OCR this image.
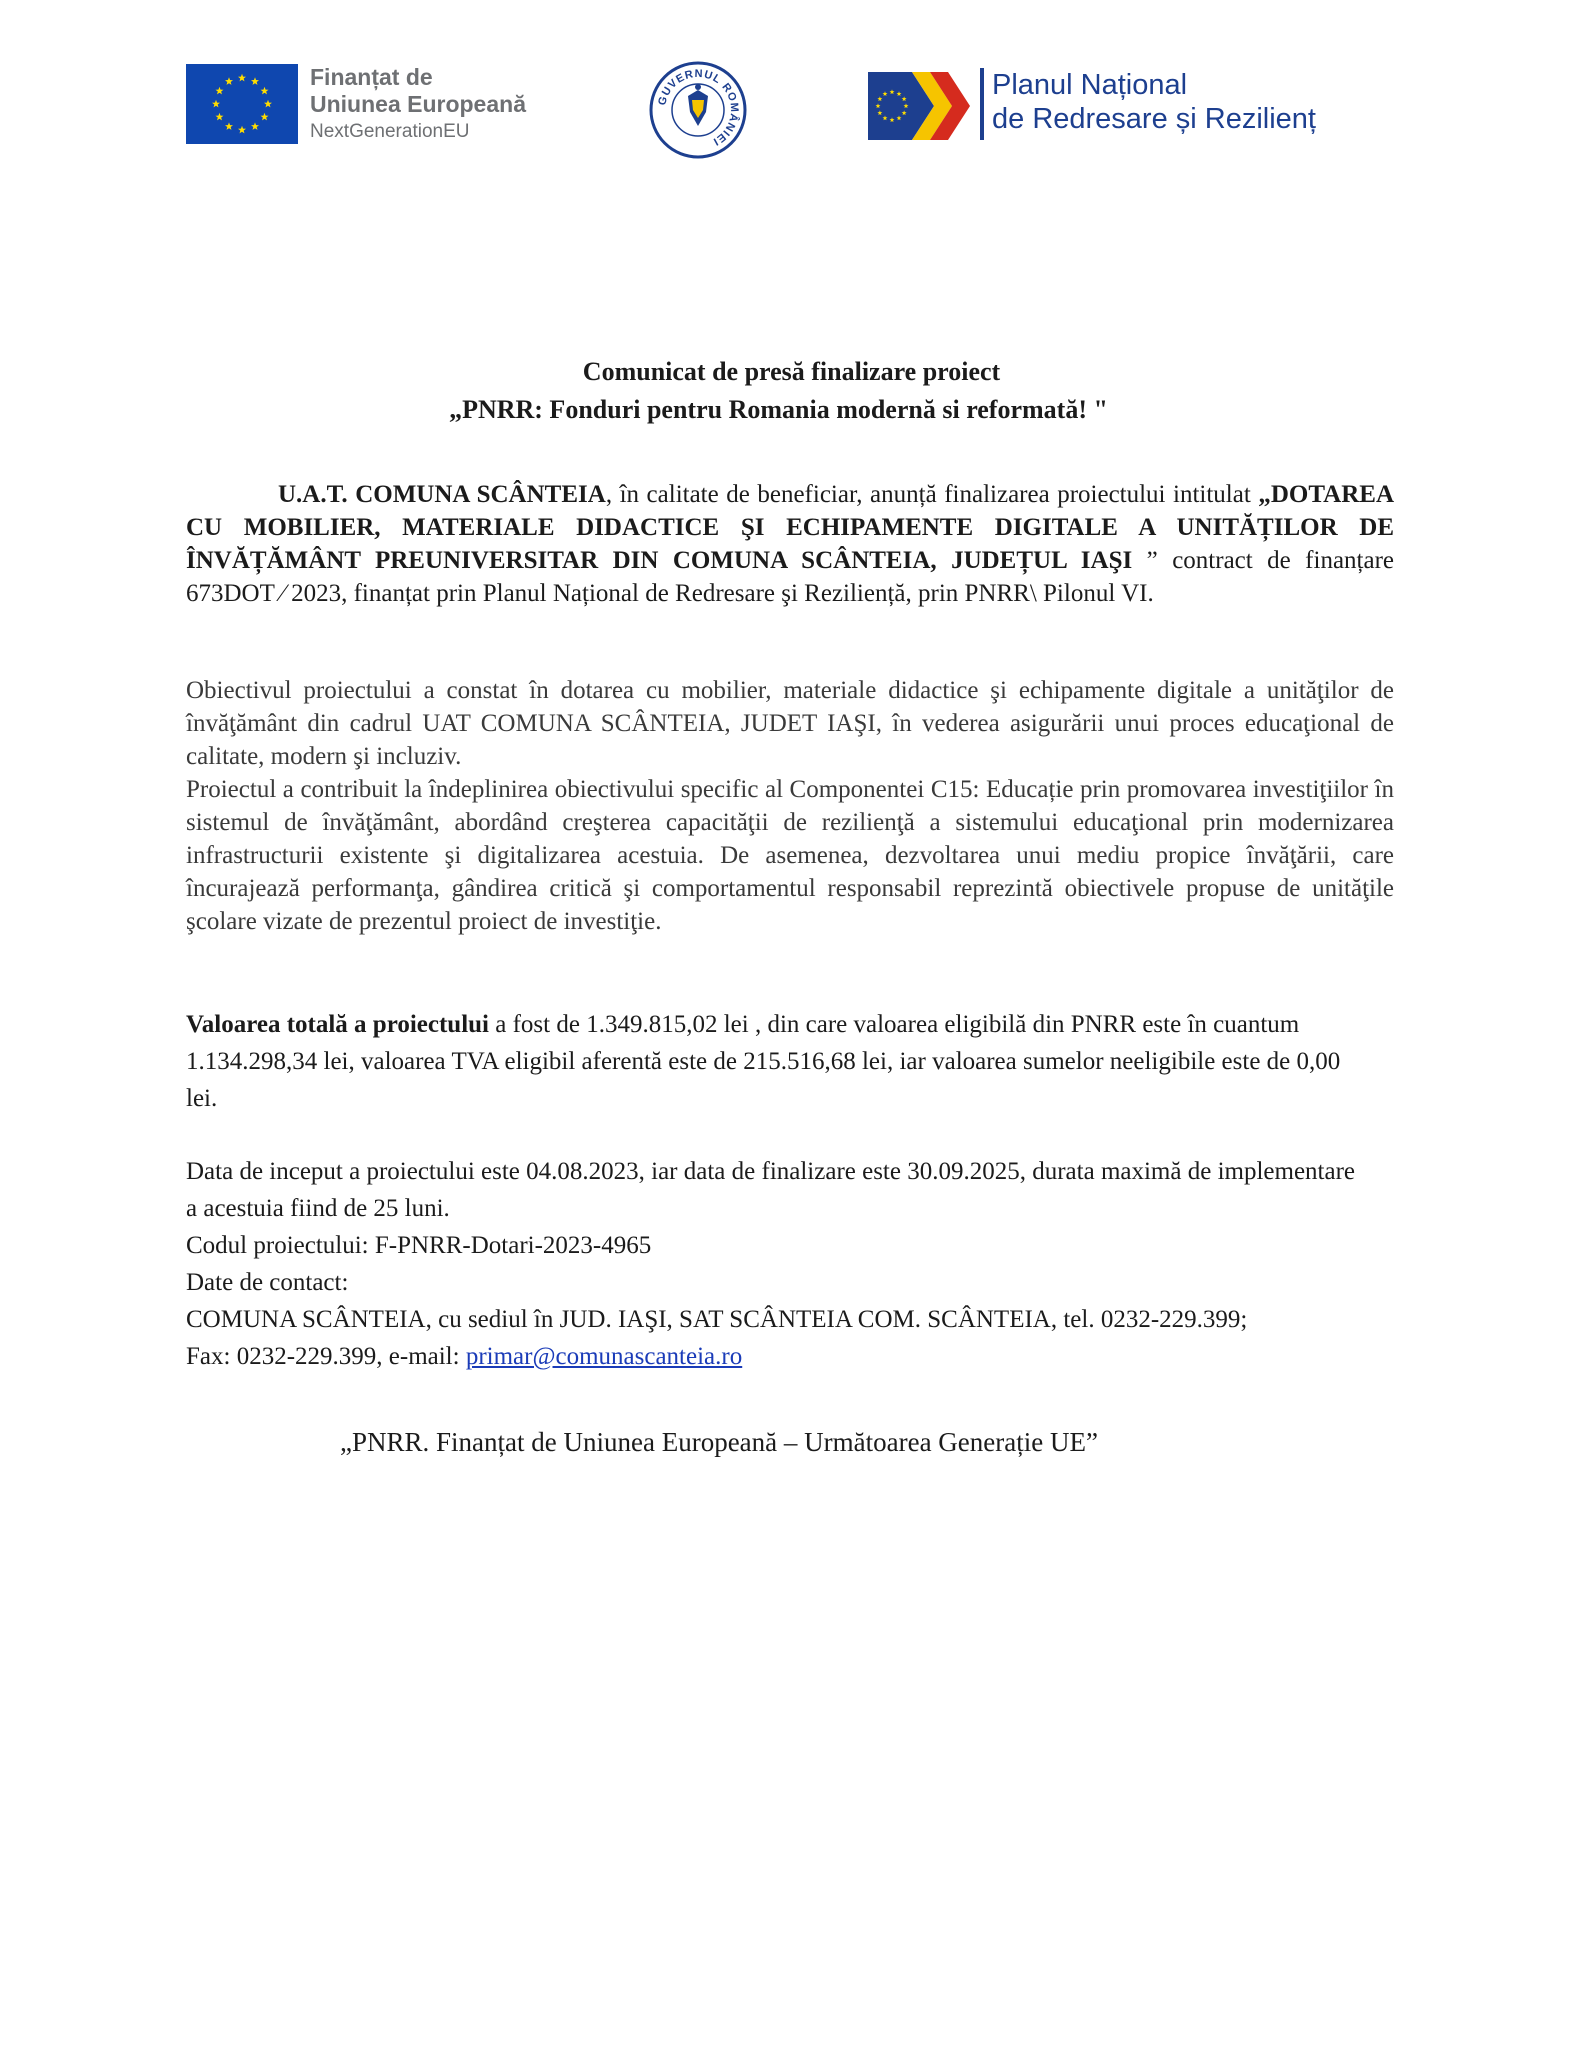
Finanțat de
Uniunea Europeană
NextGenerationEU
GUVERNUL ROMÂNIEI
Planul Național
de Redresare și Rezilienț
Comunicat de presă finalizare proiect
„PNRR: Fonduri pentru Romania modernă si reformată! "
U.A.T. COMUNA SCÂNTEIA, în calitate de beneficiar, anunță finalizarea proiectului intitulat „DOTAREA CU MOBILIER, MATERIALE DIDACTICE ŞI ECHIPAMENTE DIGITALE A UNITĂȚILOR DE ÎNVĂȚĂMÂNT PREUNIVERSITAR DIN COMUNA SCÂNTEIA, JUDEȚUL IAŞI ” contract de finanțare 673DOT ⁄ 2023, finanțat prin Planul Național de Redresare şi Reziliență, prin PNRR\ Pilonul VI.
Obiectivul proiectului a constat în dotarea cu mobilier, materiale didactice şi echipamente digitale a unităţilor de învăţământ din cadrul UAT COMUNA SCÂNTEIA, JUDET IAŞI, în vederea asigurării unui proces educaţional de calitate, modern şi incluziv.
Proiectul a contribuit la îndeplinirea obiectivului specific al Componentei C15: Educație prin promovarea investiţiilor în sistemul de învăţământ, abordând creşterea capacităţii de rezilienţă a sistemului educaţional prin modernizarea infrastructurii existente şi digitalizarea acestuia. De asemenea, dezvoltarea unui mediu propice învăţării, care încurajează performanţa, gândirea critică şi comportamentul responsabil reprezintă obiectivele propuse de unităţile şcolare vizate de prezentul proiect de investiţie.
Valoarea totală a proiectului a fost de 1.349.815,02 lei , din care valoarea eligibilă din PNRR este în cuantum 1.134.298,34 lei, valoarea TVA eligibil aferentă este de 215.516,68 lei, iar valoarea sumelor neeligibile este de 0,00 lei.
Data de inceput a proiectului este 04.08.2023, iar data de finalizare este 30.09.2025, durata maximă de implementare a acestuia fiind de 25 luni.
Codul proiectului: F-PNRR-Dotari-2023-4965
Date de contact:
COMUNA SCÂNTEIA, cu sediul în JUD. IAŞI, SAT SCÂNTEIA COM. SCÂNTEIA, tel. 0232-229.399;
Fax: 0232-229.399, e-mail: primar@comunascanteia.ro
„PNRR. Finanțat de Uniunea Europeană – Următoarea Generație UE”
